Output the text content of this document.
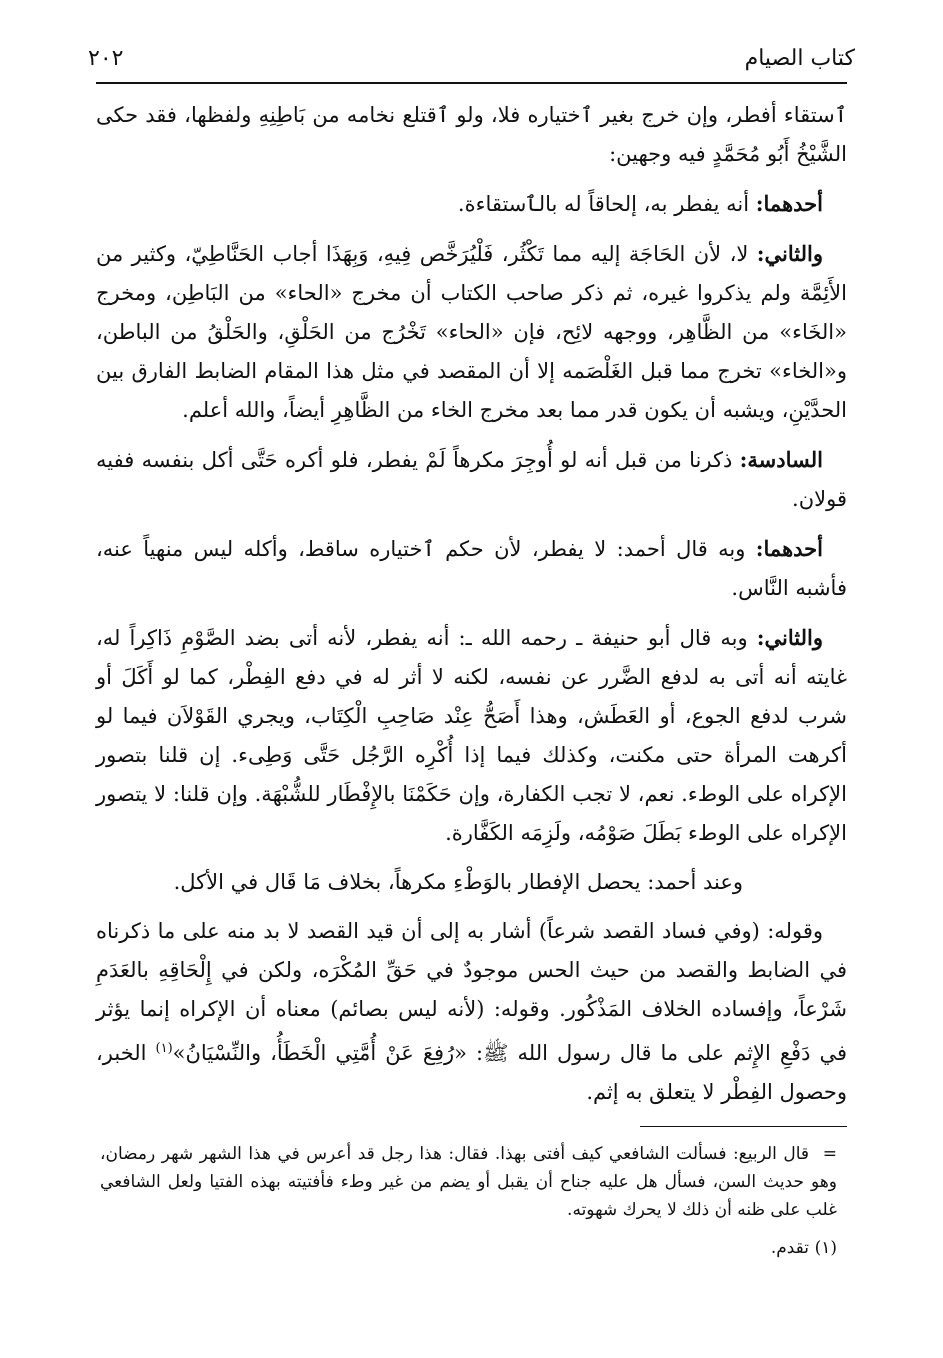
كتاب الصيام
٢٠٢

ٱستقاء أفطر، وإن خرج بغير ٱختياره فلا، ولو ٱقتلع نخامه من بَاطِنِهِ ولفظها، فقد حكى الشَّيْخُ أَبُو مُحَمَّدٍ فيه وجهين:

أحدهما: أنه يفطر به، إلحاقاً له بالٱستقاءة.

والثاني: لا، لأن الحَاجَة إليه مما تَكْثُر، فَلْيُرَخَّص فِيهِ، وَبِهَذَا أجاب الحَنَّاطِيّ، وكثير من الأَئِمَّة ولم يذكروا غيره، ثم ذكر صاحب الكتاب أن مخرج «الحاء» من البَاطِن، ومخرج «الخَاء» من الظَّاهِر، ووجهه لائِح، فإن «الحاء» تَخْرُج من الحَلْقِ، والحَلْقُ من الباطن، و«الخاء» تخرج مما قبل الغَلْصَمه إلا أن المقصد في مثل هذا المقام الضابط الفارق بين الحدَّيْنِ، ويشبه أن يكون قدر مما بعد مخرج الخاء من الظَّاهِرِ أيضاً، والله أعلم.

السادسة: ذكرنا من قبل أنه لو أُوجِرَ مكرهاً لَمْ يفطر، فلو أكره حَتَّى أكل بنفسه ففيه قولان.

أحدهما: وبه قال أحمد: لا يفطر، لأن حكم ٱختياره ساقط، وأكله ليس منهياً عنه، فأشبه النَّاس.

والثاني: وبه قال أبو حنيفة ـ رحمه الله ـ: أنه يفطر، لأنه أتى بضد الصَّوْمِ ذَاكِراً له، غايته أنه أتى به لدفع الضَّرر عن نفسه، لكنه لا أثر له في دفع الفِطْر، كما لو أَكَلَ أو شرب لدفع الجوع، أو العَطَش، وهذا أَصَحُّ عِنْد صَاحِبِ الْكِتَاب، ويجري القَوْلاَن فيما لو أكرهت المرأة حتى مكنت، وكذلك فيما إذا أُكْرِه الرَّجُل حَتَّى وَطِىء. إن قلنا بتصور الإكراه على الوطء. نعم، لا تجب الكفارة، وإن حَكَمْنَا بالإِفْطَار للشُّبْهَة. وإن قلنا: لا يتصور الإكراه على الوطء بَطَلَ صَوْمُه، ولَزِمَه الكَفَّارة.

وعند أحمد: يحصل الإفطار بالوَطْءِ مكرهاً، بخلاف مَا قَال في الأكل.

وقوله: (وفي فساد القصد شرعاً) أشار به إلى أن قيد القصد لا بد منه على ما ذكرناه في الضابط والقصد من حيث الحس موجودٌ في حَقِّ المُكْرَه، ولكن في إِلْحَاقِهِ بالعَدَمِ شَرْعاً، وإفساده الخلاف المَذْكُور. وقوله: (لأنه ليس بصائم) معناه أن الإكراه إنما يؤثر في دَفْعِ الإِثم على ما قال رسول الله ﷺ: «رُفِعَ عَنْ أُمَّتِي الْخَطَأُ، والنِّسْيَانُ»$^{(١)}$ الخبر، وحصول الفِطْر لا يتعلق به إثم.

=قال الربيع: فسألت الشافعي كيف أفتى بهذا. فقال: هذا رجل قد أعرس في هذا الشهر شهر رمضان، وهو حديث السن، فسأل هل عليه جناح أن يقبل أو يضم من غير وطء فأفتيته بهذه الفتيا ولعل الشافعي غلب على ظنه أن ذلك لا يحرك شهوته.

(١)تقدم.
